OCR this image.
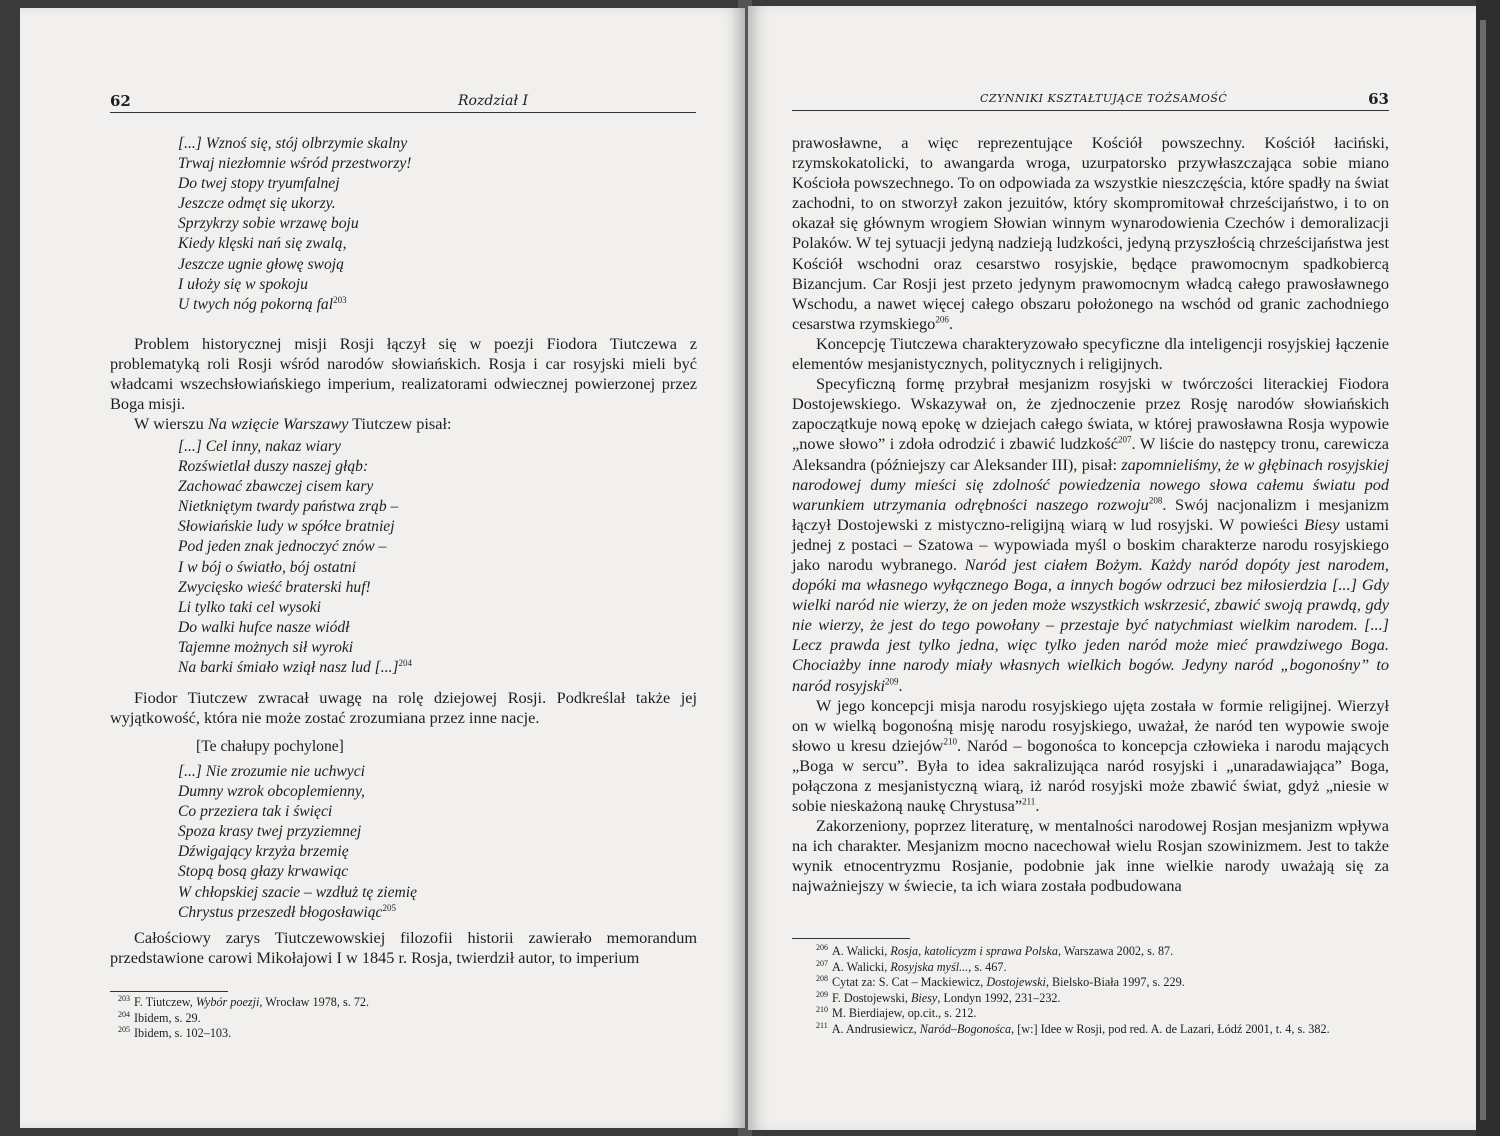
62	Rozdział I
[...] Wznoś się, stój olbrzymie skalny
Trwaj niezłomnie wśród przestworzy!
Do twej stopy tryumfalnej
Jeszcze odmęt się ukorzy.
Sprzykrzy sobie wrzawę boju
Kiedy klęski nań się zwalą,
Jeszcze ugnie głowę swoją
I ułoży się w spokoju
U twych nóg pokorną fal$^{203}$

Problem historycznej misji Rosji łączył się w poezji Fiodora Tiutczewa z problematyką roli Rosji wśród narodów słowiańskich. Rosja i car rosyjski mieli być władcami wszechsłowiańskiego imperium, realizatorami odwiecznej powierzonej przez Boga misji.

W wierszu Na wzięcie Warszawy Tiutczew pisał:

[...] Cel inny, nakaz wiary
Rozświetlał duszy naszej głąb:
Zachować zbawczej cisem kary
Nietkniętym twardy państwa zrąb –
Słowiańskie ludy w spółce bratniej
Pod jeden znak jednoczyć znów –
I w bój o światło, bój ostatni
Zwycięsko wieść braterski huf!
Li tylko taki cel wysoki
Do walki hufce nasze wiódł
Tajemne możnych sił wyroki
Na barki śmiało wziął nasz lud [...]$^{204}$

Fiodor Tiutczew zwracał uwagę na rolę dziejowej Rosji. Podkreślał także jej wyjątkowość, która nie może zostać zrozumiana przez inne nacje.

[Te chałupy pochylone]
[...] Nie zrozumie nie uchwyci
Dumny wzrok obcoplemienny,
Co przeziera tak i święci
Spoza krasy twej przyziemnej
Dźwigający krzyża brzemię
Stopą bosą głazy krwawiąc
W chłopskiej szacie – wzdłuż tę ziemię
Chrystus przeszedł błogosławiąc$^{205}$

Całościowy zarys Tiutczewowskiej filozofii historii zawierało memorandum przedstawione carowi Mikołajowi I w 1845 r. Rosja, twierdził autor, to imperium

$^{203}$ F. Tiutczew, Wybór poezji, Wrocław 1978, s. 72.
$^{204}$ Ibidem, s. 29.
$^{205}$ Ibidem, s. 102–103.
CZYNNIKI KSZTAŁTUJĄCE TOŻSAMOŚĆ	63

prawosławne, a więc reprezentujące Kościół powszechny. Kościół łaciński, rzymskokatolicki, to awangarda wroga, uzurpatorsko przywłaszczająca sobie miano Kościoła powszechnego. To on odpowiada za wszystkie nieszczęścia, które spadły na świat zachodni, to on stworzył zakon jezuitów, który skompromitował chrześcijaństwo, i to on okazał się głównym wrogiem Słowian winnym wynarodowienia Czechów i demoralizacji Polaków. W tej sytuacji jedyną nadzieją ludzkości, jedyną przyszłością chrześcijaństwa jest Kościół wschodni oraz cesarstwo rosyjskie, będące prawomocnym spadkobiercą Bizancjum. Car Rosji jest przeto jedynym prawomocnym władcą całego prawosławnego Wschodu, a nawet więcej całego obszaru położonego na wschód od granic zachodniego cesarstwa rzymskiego$^{206}$.

Koncepcję Tiutczewa charakteryzowało specyficzne dla inteligencji rosyjskiej łączenie elementów mesjanistycznych, politycznych i religijnych.

Specyficzną formę przybrał mesjanizm rosyjski w twórczości literackiej Fiodora Dostojewskiego. Wskazywał on, że zjednoczenie przez Rosję narodów słowiańskich zapoczątkuje nową epokę w dziejach całego świata, w której prawosławna Rosja wypowie „nowe słowo” i zdoła odrodzić i zbawić ludzkość$^{207}$. W liście do następcy tronu, carewicza Aleksandra (późniejszy car Aleksander III), pisał: zapomnieliśmy, że w głębinach rosyjskiej narodowej dumy mieści się zdolność powiedzenia nowego słowa całemu światu pod warunkiem utrzymania odrębności naszego rozwoju$^{208}$. Swój nacjonalizm i mesjanizm łączył Dostojewski z mistyczno-religijną wiarą w lud rosyjski. W powieści Biesy ustami jednej z postaci – Szatowa – wypowiada myśl o boskim charakterze narodu rosyjskiego jako narodu wybranego. Naród jest ciałem Bożym. Każdy naród dopóty jest narodem, dopóki ma własnego wyłącznego Boga, a innych bogów odrzuci bez miłosierdzia [...] Gdy wielki naród nie wierzy, że on jeden może wszystkich wskrzesić, zbawić swoją prawdą, gdy nie wierzy, że jest do tego powołany – przestaje być natychmiast wielkim narodem. [...] Lecz prawda jest tylko jedna, więc tylko jeden naród może mieć prawdziwego Boga. Chociażby inne narody miały własnych wielkich bogów. Jedyny naród „bogonośny” to naród rosyjski$^{209}$.

W jego koncepcji misja narodu rosyjskiego ujęta została w formie religijnej. Wierzył on w wielką bogonośną misję narodu rosyjskiego, uważał, że naród ten wypowie swoje słowo u kresu dziejów$^{210}$. Naród – bogonośca to koncepcja człowieka i narodu mających „Boga w sercu”. Była to idea sakralizująca naród rosyjski i „unaradawiająca” Boga, połączona z mesjanistyczną wiarą, iż naród rosyjski może zbawić świat, gdyż „niesie w sobie nieskażoną naukę Chrystusa”$^{211}$.

Zakorzeniony, poprzez literaturę, w mentalności narodowej Rosjan mesjanizm wpływa na ich charakter. Mesjanizm mocno nacechował wielu Rosjan szowinizmem. Jest to także wynik etnocentryzmu Rosjanie, podobnie jak inne wielkie narody uważają się za najważniejszy w świecie, ta ich wiara została podbudowana

$^{206}$ A. Walicki, Rosja, katolicyzm i sprawa Polska, Warszawa 2002, s. 87.
$^{207}$ A. Walicki, Rosyjska myśl..., s. 467.
$^{208}$ Cytat za: S. Cat – Mackiewicz, Dostojewski, Bielsko-Biała 1997, s. 229.
$^{209}$ F. Dostojewski, Biesy, Londyn 1992, 231–232.
$^{210}$ M. Bierdiajew, op.cit., s. 212.
$^{211}$ A. Andrusiewicz, Naród–Bogonośca, [w:] Idee w Rosji, pod red. A. de Lazari, Łódź 2001, t. 4, s. 382.
